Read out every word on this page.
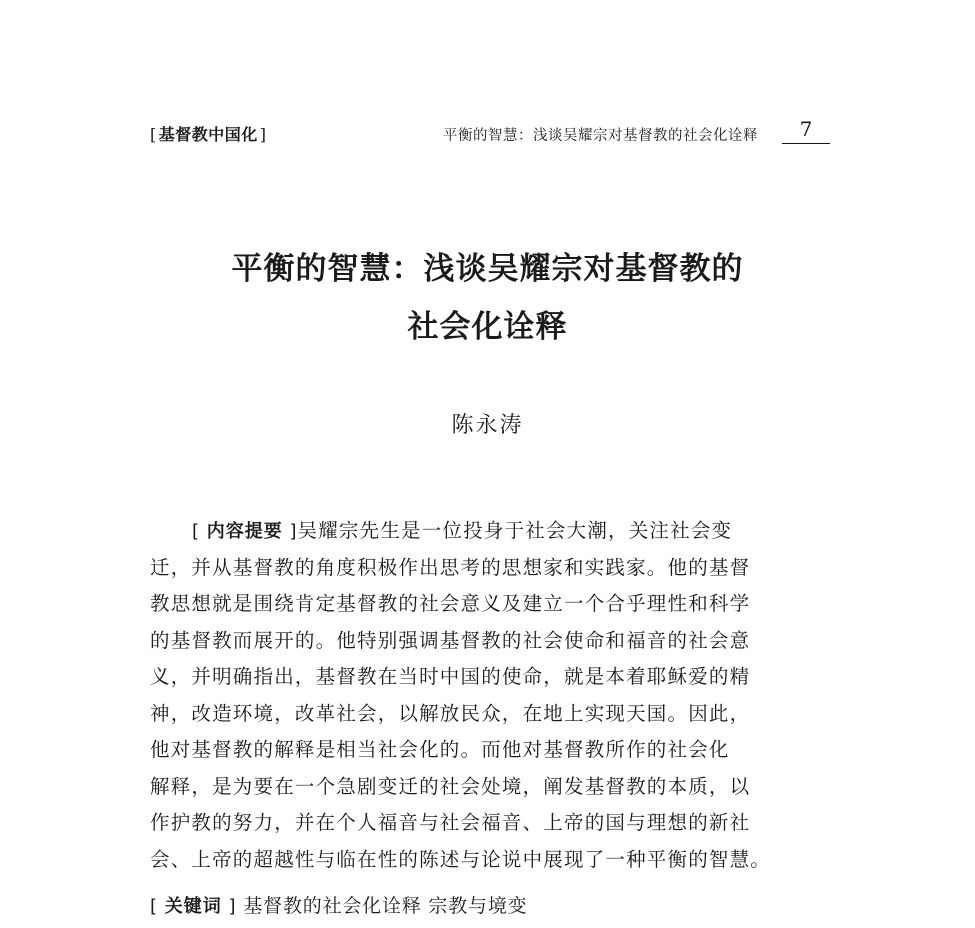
[ 基督教中国化 ]	平衡的智慧：浅谈吴耀宗对基督教的社会化诠释	7
平衡的智慧：浅谈吴耀宗对基督教的
社会化诠释
陈永涛
[ 内容提要 ]吴耀宗先生是一位投身于社会大潮，关注社会变
迁，并从基督教的角度积极作出思考的思想家和实践家。他的基督
教思想就是围绕肯定基督教的社会意义及建立一个合乎理性和科学
的基督教而展开的。他特别强调基督教的社会使命和福音的社会意
义，并明确指出，基督教在当时中国的使命，就是本着耶稣爱的精
神，改造环境，改革社会，以解放民众，在地上实现天国。因此，
他对基督教的解释是相当社会化的。而他对基督教所作的社会化
解释，是为要在一个急剧变迁的社会处境，阐发基督教的本质，以
作护教的努力，并在个人福音与社会福音、上帝的国与理想的新社
会、上帝的超越性与临在性的陈述与论说中展现了一种平衡的智慧。
[ 关键词 ] 基督教的社会化诠释 宗教与境变
